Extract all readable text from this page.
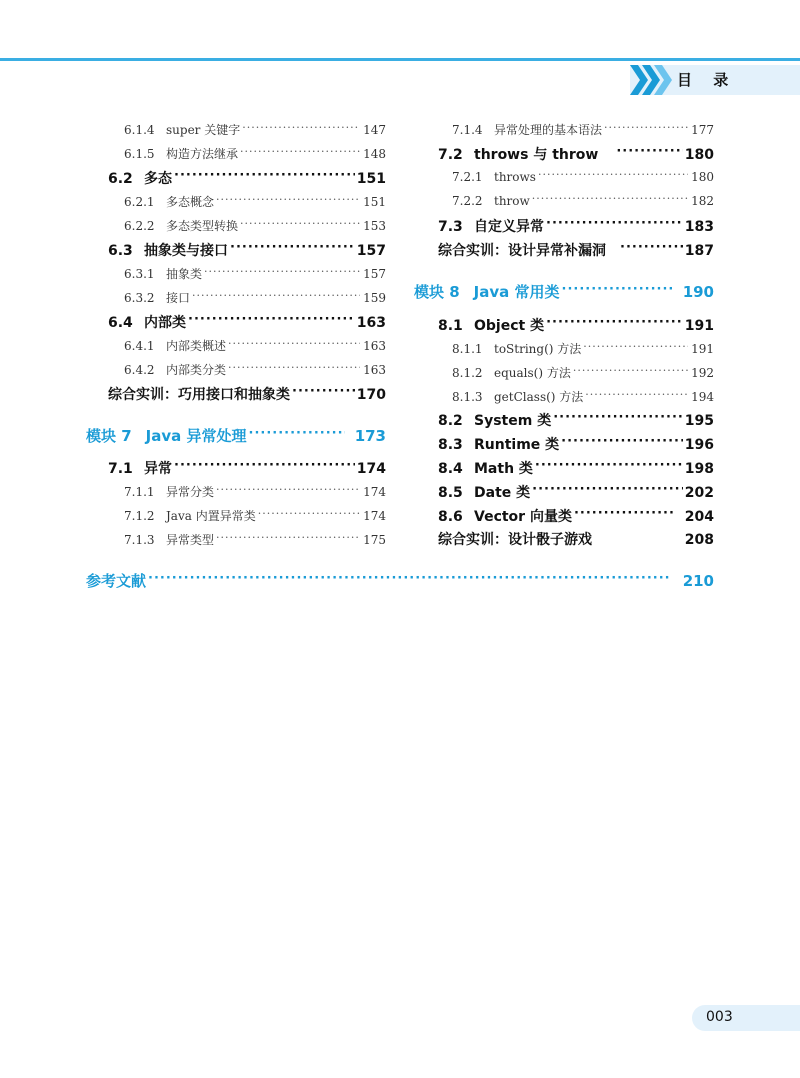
目 录
6.1.4 super 关键字 ·····	147
6.1.5 构造方法继承 ·····	148
6.2 多态 ·····	151
6.2.1 多态概念 ·····	151
6.2.2 多态类型转换 ·····	153
6.3 抽象类与接口 ·····	157
6.3.1 抽象类 ·····	157
6.3.2 接口 ·····	159
6.4 内部类 ·····	163
6.4.1 内部类概述 ·····	163
6.4.2 内部类分类 ·····	163
综合实训：巧用接口和抽象类 ·····	170
模块 7 Java 异常处理 ·····	173
7.1 异常 ·····	174
7.1.1 异常分类 ·····	174
7.1.2 Java 内置异常类 ·····	174
7.1.3 异常类型 ·····	175
7.1.4 异常处理的基本语法 ·····	177
7.2 throws 与 throw ·····	180
7.2.1 throws ·····	180
7.2.2 throw ·····	182
7.3 自定义异常 ·····	183
综合实训：设计异常补漏洞 ·····	187
模块 8 Java 常用类 ·····	190
8.1 Object 类 ·····	191
8.1.1 toString() 方法 ·····	191
8.1.2 equals() 方法 ·····	192
8.1.3 getClass() 方法 ·····	194
8.2 System 类 ·····	195
8.3 Runtime 类 ·····	196
8.4 Math 类 ·····	198
8.5 Date 类 ·····	202
8.6 Vector 向量类 ·····	204
综合实训：设计骰子游戏	208
参考文献 ·····	210
003
